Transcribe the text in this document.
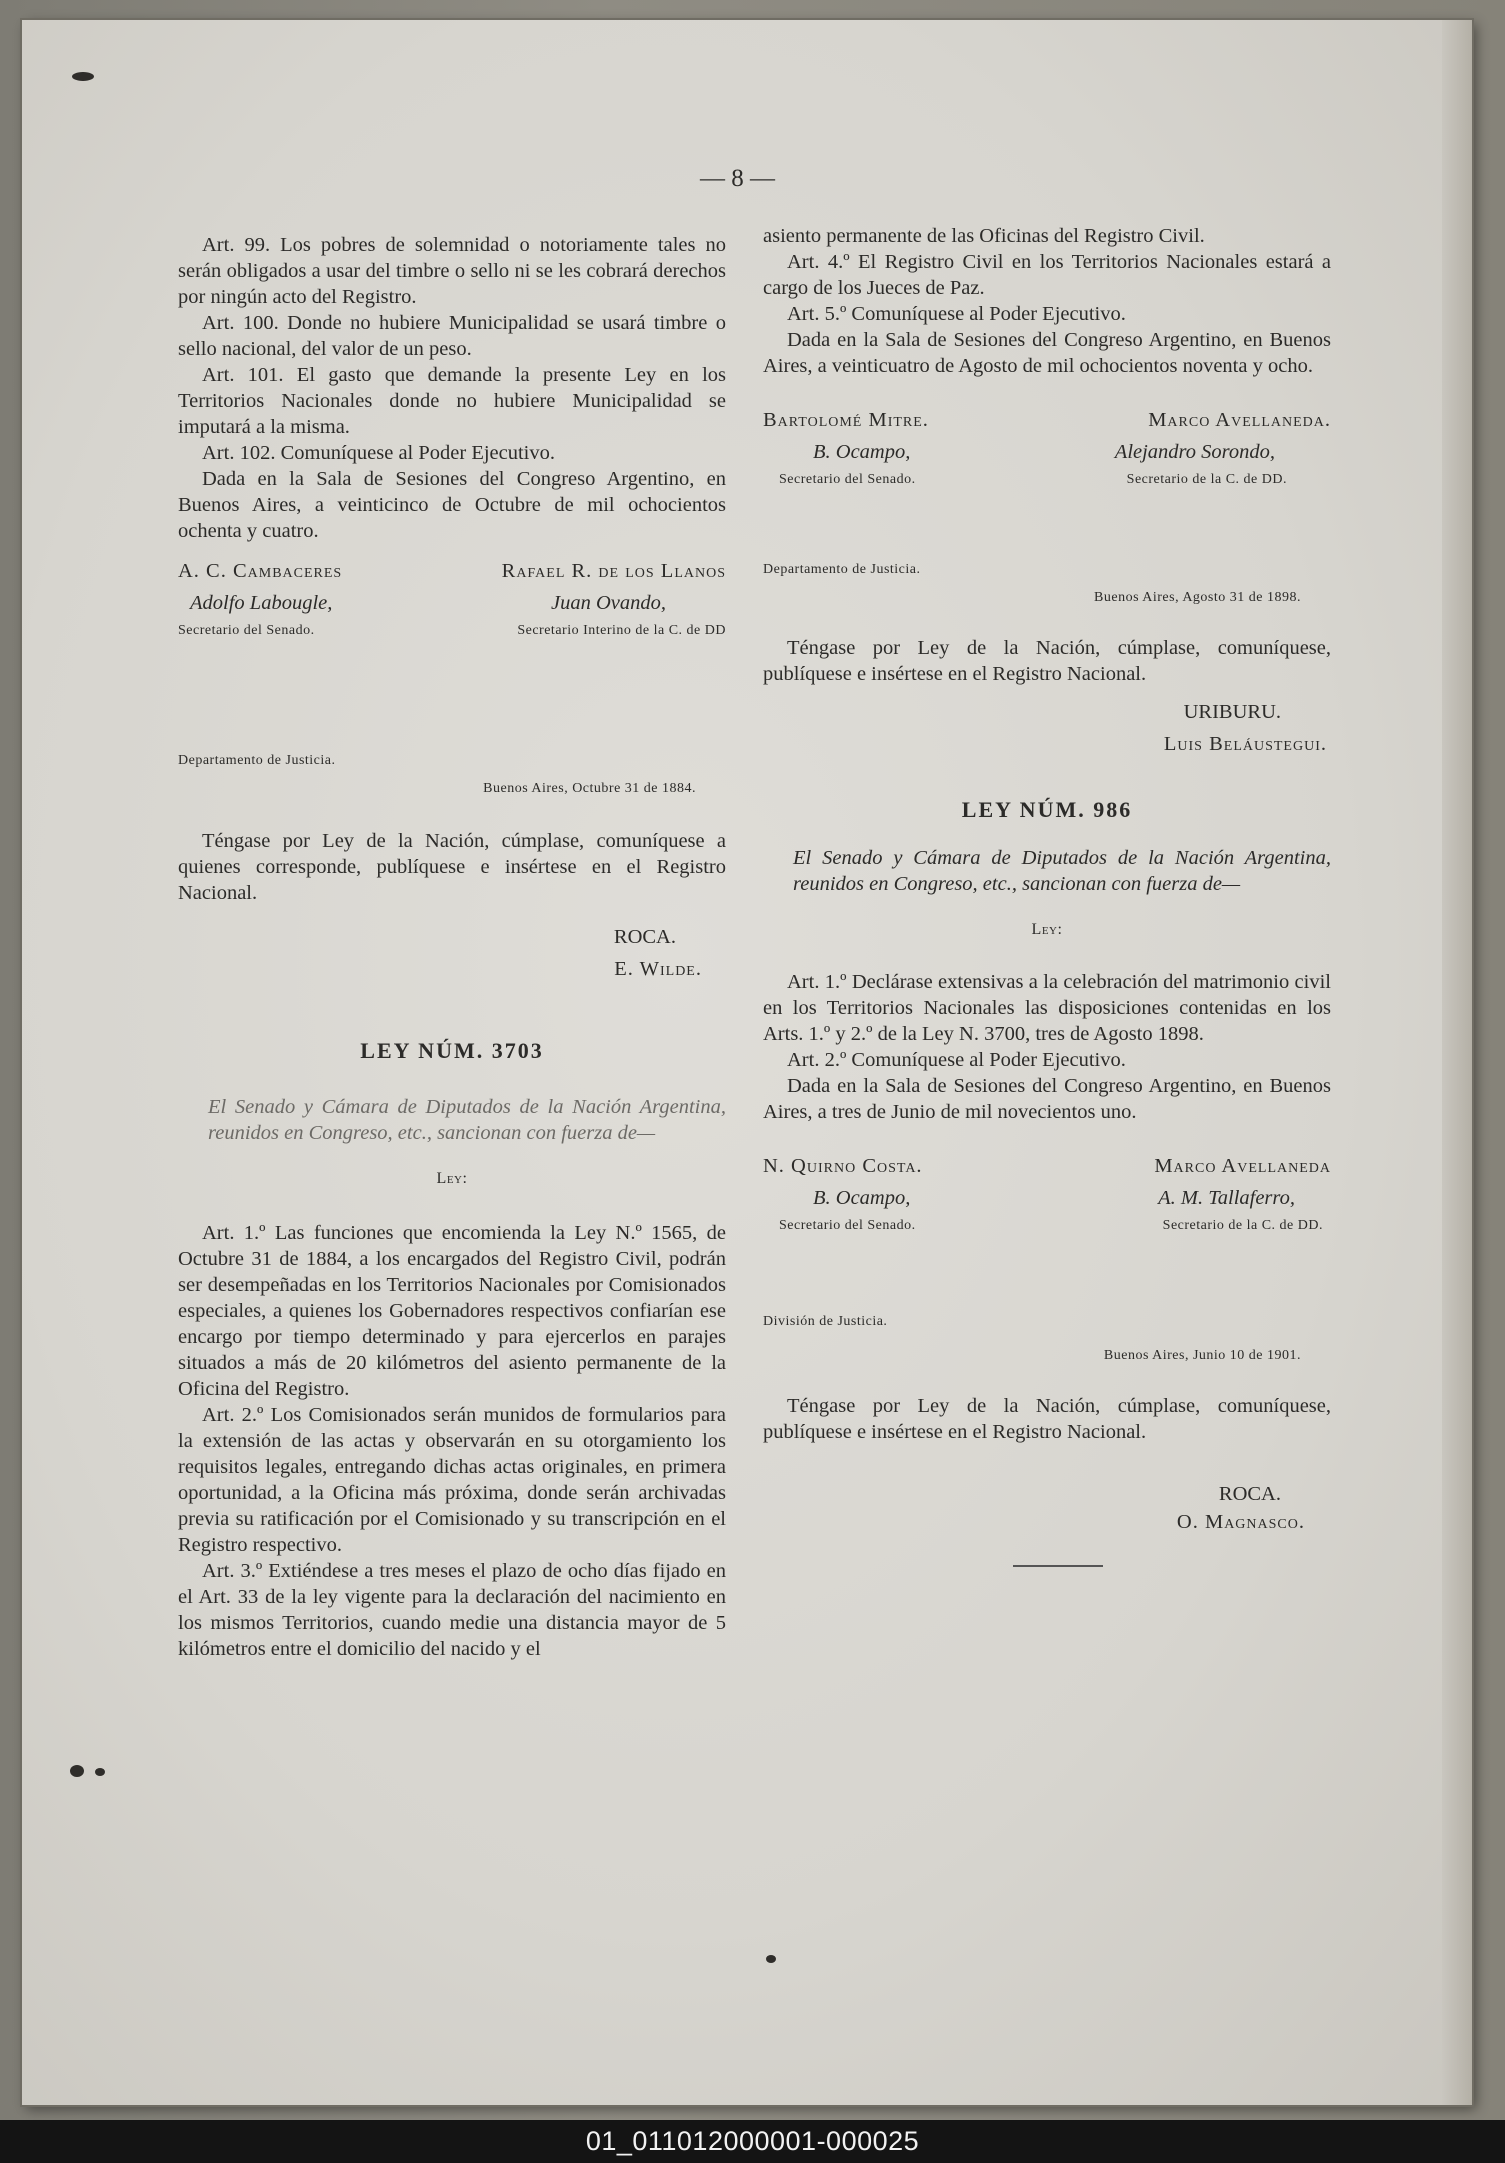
— 8 —

Art. 99. Los pobres de solemnidad o notoriamente tales no serán obligados a usar del timbre o sello ni se les cobrará derechos por ningún acto del Registro.

Art. 100. Donde no hubiere Municipalidad se usará timbre o sello nacional, del valor de un peso.

Art. 101. El gasto que demande la presente Ley en los Territorios Nacionales donde no hubiere Municipalidad se imputará a la misma.

Art. 102. Comuníquese al Poder Ejecutivo.

Dada en la Sala de Sesiones del Congreso Argentino, en Buenos Aires, a veinticinco de Octubre de mil ochocientos ochenta y cuatro.

A. C. Cambaceres	Rafael R. de los Llanos
Adolfo Labougle,	Juan Ovando,
Secretario del Senado.	Secretario Interino de la C. de DD
Departamento de Justicia.
Buenos Aires, Octubre 31 de 1884.

Téngase por Ley de la Nación, cúmplase, comuníquese a quienes corresponde, publíquese e insértese en el Registro Nacional.

ROCA.
E. Wilde.
LEY NÚM. 3703

El Senado y Cámara de Diputados de la Nación Argentina, reunidos en Congreso, etc., sancionan con fuerza de—

Ley:

Art. 1.º Las funciones que encomienda la Ley N.º 1565, de Octubre 31 de 1884, a los encargados del Registro Civil, podrán ser desempeñadas en los Territorios Nacionales por Comisionados especiales, a quienes los Gobernadores respectivos confiarían ese encargo por tiempo determinado y para ejercerlos en parajes situados a más de 20 kilómetros del asiento permanente de la Oficina del Registro.

Art. 2.º Los Comisionados serán munidos de formularios para la extensión de las actas y observarán en su otorgamiento los requisitos legales, entregando dichas actas originales, en primera oportunidad, a la Oficina más próxima, donde serán archivadas previa su ratificación por el Comisionado y su transcripción en el Registro respectivo.

Art. 3.º Extiéndese a tres meses el plazo de ocho días fijado en el Art. 33 de la ley vigente para la declaración del nacimiento en los mismos Territorios, cuando medie una distancia mayor de 5 kilómetros entre el domicilio del nacido y el

asiento permanente de las Oficinas del Registro Civil.

Art. 4.º El Registro Civil en los Territorios Nacionales estará a cargo de los Jueces de Paz.

Art. 5.º Comuníquese al Poder Ejecutivo.

Dada en la Sala de Sesiones del Congreso Argentino, en Buenos Aires, a veinticuatro de Agosto de mil ochocientos noventa y ocho.

Bartolomé Mitre.	Marco Avellaneda.
B. Ocampo,	Alejandro Sorondo,
Secretario del Senado.	Secretario de la C. de DD.
Departamento de Justicia.
Buenos Aires, Agosto 31 de 1898.

Téngase por Ley de la Nación, cúmplase, comuníquese, publíquese e insértese en el Registro Nacional.

URIBURU.
Luis Beláustegui.
LEY NÚM. 986

El Senado y Cámara de Diputados de la Nación Argentina, reunidos en Congreso, etc., sancionan con fuerza de—

Ley:

Art. 1.º Declárase extensivas a la celebración del matrimonio civil en los Territorios Nacionales las disposiciones contenidas en los Arts. 1.º y 2.º de la Ley N. 3700, tres de Agosto 1898.

Art. 2.º Comuníquese al Poder Ejecutivo.

Dada en la Sala de Sesiones del Congreso Argentino, en Buenos Aires, a tres de Junio de mil novecientos uno.

N. Quirno Costa.	Marco Avellaneda
B. Ocampo,	A. M. Tallaferro,
Secretario del Senado.	Secretario de la C. de DD.
División de Justicia.
Buenos Aires, Junio 10 de 1901.

Téngase por Ley de la Nación, cúmplase, comuníquese, publíquese e insértese en el Registro Nacional.

ROCA.
O. Magnasco.
01_011012000001-000025
